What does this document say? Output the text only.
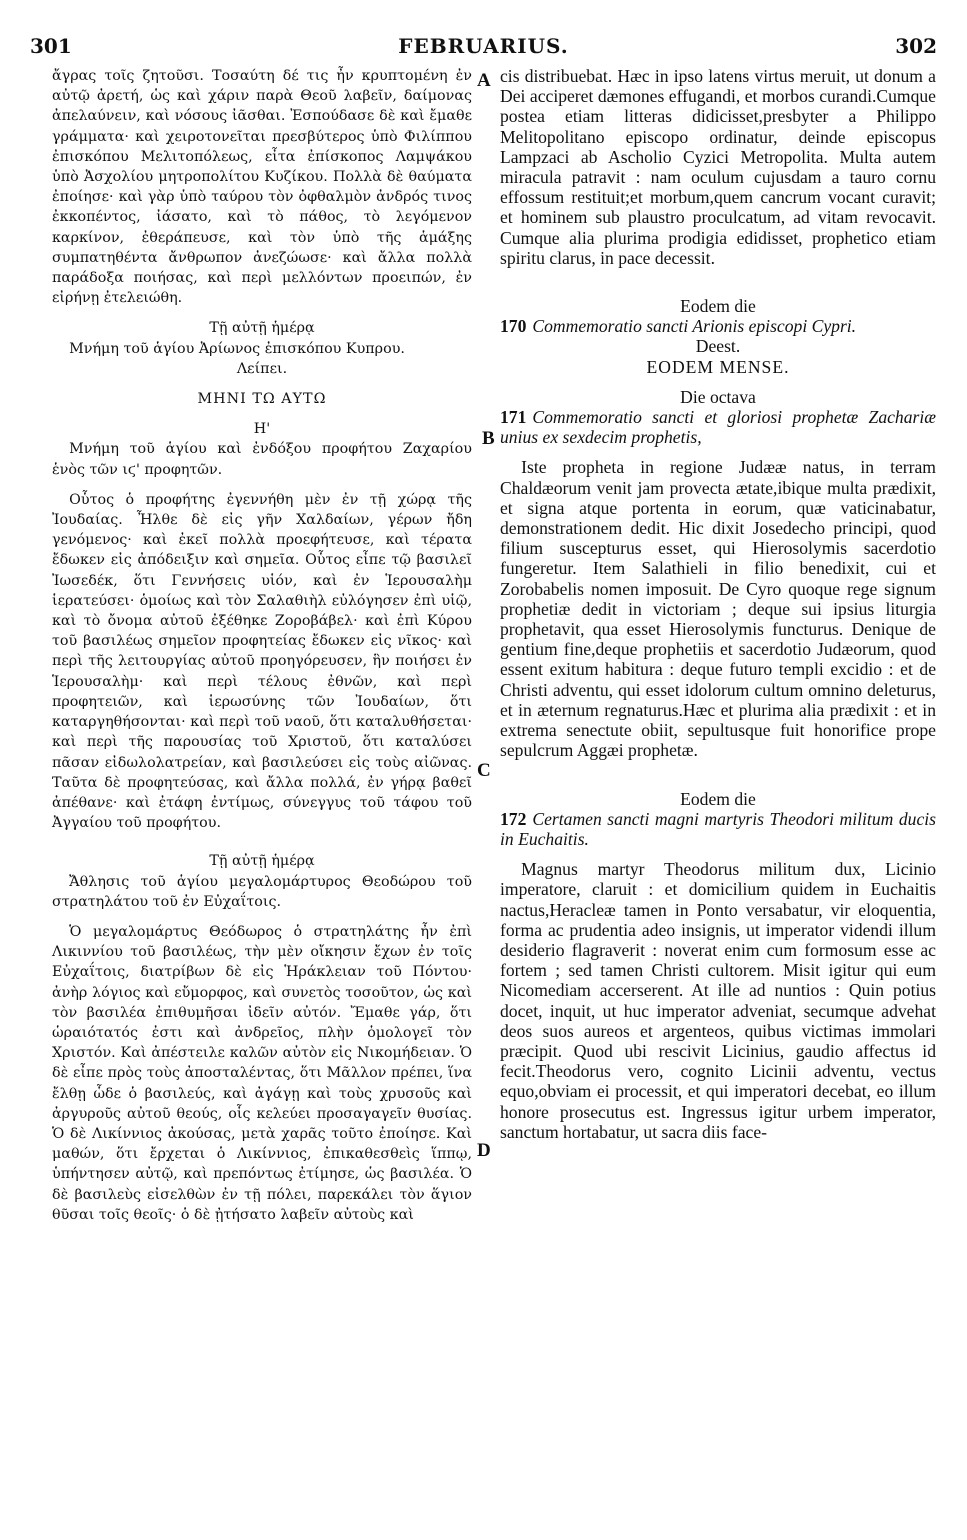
301	FEBRUARIUS.	302
A
B
C
D

ἄγρας τοῖς ζητοῦσι. Τοσαύτη δέ τις ἦν κρυπτομένη ἐν αὐτῷ ἀρετή, ὡς καὶ χάριν παρὰ Θεοῦ λαβεῖν, δαίμονας ἀπελαύνειν, καὶ νόσους ἰᾶσθαι. Ἐσπούδασε δὲ καὶ ἔμαθε γράμματα· καὶ χειροτονεῖται πρεσβύτερος ὑπὸ Φιλίππου ἐπισκόπου Μελιτοπόλεως, εἶτα ἐπίσκοπος Λαμψάκου ὑπὸ Ἀσχολίου μητροπολίτου Κυζίκου. Πολλὰ δὲ θαύματα ἐποίησε· καὶ γὰρ ὑπὸ ταύρου τὸν ὀφθαλμὸν ἀνδρός τινος ἐκκοπέντος, ἰάσατο, καὶ τὸ πάθος, τὸ λεγόμενον καρκίνον, ἐθεράπευσε, καὶ τὸν ὑπὸ τῆς ἁμάξης συμπατηθέντα ἄνθρωπον ἀνεζώωσε· καὶ ἄλλα πολλὰ παράδοξα ποιήσας, καὶ περὶ μελλόντων προειπών, ἐν εἰρήνῃ ἐτελειώθη.

Τῇ αὐτῇ ἡμέρᾳ

Μνήμη τοῦ ἁγίου Ἀρίωνος ἐπισκόπου Κυπρου.

Λείπει.

ΜΗΝΙ ΤΩ ΑΥΤΩ

Η'

Μνήμη τοῦ ἁγίου καὶ ἐνδόξου προφήτου Ζαχαρίου ἑνὸς τῶν ιϛ' προφητῶν.

Οὗτος ὁ προφήτης ἐγεννήθη μὲν ἐν τῇ χώρᾳ τῆς Ἰουδαίας. Ἦλθε δὲ εἰς γῆν Χαλδαίων, γέρων ἤδη γενόμενος· καὶ ἐκεῖ πολλὰ προεφήτευσε, καὶ τέρατα ἔδωκεν εἰς ἀπόδειξιν καὶ σημεῖα. Οὗτος εἶπε τῷ βασιλεῖ Ἰωσεδέκ, ὅτι Γεννήσεις υἱόν, καὶ ἐν Ἱερουσαλὴμ ἱερατεύσει· ὁμοίως καὶ τὸν Σαλαθιὴλ εὐλόγησεν ἐπὶ υἱῷ, καὶ τὸ ὄνομα αὐτοῦ ἐξέθηκε Ζοροβάβελ· καὶ ἐπὶ Κύρου τοῦ βασιλέως σημεῖον προφητείας ἔδωκεν εἰς νῖκος· καὶ περὶ τῆς λειτουργίας αὐτοῦ προηγόρευσεν, ἣν ποιήσει ἐν Ἱερουσαλὴμ· καὶ περὶ τέλους ἐθνῶν, καὶ περὶ προφητειῶν, καὶ ἱερωσύνης τῶν Ἰουδαίων, ὅτι καταργηθήσονται· καὶ περὶ τοῦ ναοῦ, ὅτι καταλυθήσεται· καὶ περὶ τῆς παρουσίας τοῦ Χριστοῦ, ὅτι καταλύσει πᾶσαν εἰδωλολατρείαν, καὶ βασιλεύσει εἰς τοὺς αἰῶνας. Ταῦτα δὲ προφητεύσας, καὶ ἄλλα πολλά, ἐν γήρᾳ βαθεῖ ἀπέθανε· καὶ ἐτάφη ἐντίμως, σύνεγγυς τοῦ τάφου τοῦ Ἀγγαίου τοῦ προφήτου.

Τῇ αὐτῇ ἡμέρᾳ

Ἄθλησις τοῦ ἁγίου μεγαλομάρτυρος Θεοδώρου τοῦ στρατηλάτου τοῦ ἐν Εὐχαΐτοις.

Ὁ μεγαλομάρτυς Θεόδωρος ὁ στρατηλάτης ἦν ἐπὶ Λικιννίου τοῦ βασιλέως, τὴν μὲν οἴκησιν ἔχων ἐν τοῖς Εὐχαΐτοις, διατρίβων δὲ εἰς Ἡράκλειαν τοῦ Πόντου· ἀνὴρ λόγιος καὶ εὔμορφος, καὶ συνετὸς τοσοῦτον, ὡς καὶ τὸν βασιλέα ἐπιθυμῆσαι ἰδεῖν αὐτόν. Ἔμαθε γάρ, ὅτι ὡραιότατός ἐστι καὶ ἀνδρεῖος, πλὴν ὁμολογεῖ τὸν Χριστόν. Καὶ ἀπέστειλε καλῶν αὐτὸν εἰς Νικομήδειαν. Ὁ δὲ εἶπε πρὸς τοὺς ἀποσταλέντας, ὅτι Μᾶλλον πρέπει, ἵνα ἔλθῃ ὧδε ὁ βασιλεύς, καὶ ἀγάγῃ καὶ τοὺς χρυσοῦς καὶ ἀργυροῦς αὐτοῦ θεούς, οἷς κελεύει προσαγαγεῖν θυσίας. Ὁ δὲ Λικίννιος ἀκούσας, μετὰ χαρᾶς τοῦτο ἐποίησε. Καὶ μαθών, ὅτι ἔρχεται ὁ Λικίννιος, ἐπικαθεσθεὶς ἵππῳ, ὑπήντησεν αὐτῷ, καὶ πρεπόντως ἐτίμησε, ὡς βασιλέα. Ὁ δὲ βασιλεὺς εἰσελθὼν ἐν τῇ πόλει, παρεκάλει τὸν ἅγιον θῦσαι τοῖς θεοῖς· ὁ δὲ ᾐτήσατο λαβεῖν αὐτοὺς καὶ

cis distribuebat. Hæc in ipso latens virtus meruit, ut donum a Dei acciperet dæmones effugandi, et morbos curandi.Cumque postea etiam litteras didicisset,presbyter a Philippo Melitopolitano episcopo ordinatur, deinde episcopus Lampzaci ab Ascholio Cyzici Metropolita. Multa autem miracula patravit : nam oculum cujusdam a tauro cornu effossum restituit;et morbum,quem cancrum vocant curavit; et hominem sub plaustro proculcatum, ad vitam revocavit. Cumque alia plurima prodigia edidisset, prophetico etiam spiritu clarus, in pace decessit.

Eodem die

170 Commemoratio sancti Arionis episcopi Cypri.

Deest.

EODEM MENSE.

Die octava

171 Commemoratio sancti et gloriosi prophetæ Zachariæ unius ex sexdecim prophetis,

Iste propheta in regione Judææ natus, in terram Chaldæorum venit jam provecta ætate,ibique multa prædixit, et signa atque portenta in eorum, quæ vaticinabatur, demonstrationem dedit. Hic dixit Josedecho principi, quod filium suscepturus esset, qui Hierosolymis sacerdotio fungeretur. Item Salathieli in filio benedixit, cui et Zorobabelis nomen imposuit. De Cyro quoque rege signum prophetiæ dedit in victoriam ; deque sui ipsius liturgia prophetavit, qua esset Hierosolymis functurus. Denique de gentium fine,deque prophetiis et sacerdotio Judæorum, quod essent exitum habitura : deque futuro templi excidio : et de Christi adventu, qui esset idolorum cultum omnino deleturus, et in æternum regnaturus.Hæc et plurima alia prædixit : et in extrema senectute obiit, sepultusque fuit honorifice prope sepulcrum Aggæi prophetæ.

Eodem die

172 Certamen sancti magni martyris Theodori militum ducis in Euchaitis.

Magnus martyr Theodorus militum dux, Licinio imperatore, claruit : et domicilium quidem in Euchaitis nactus,Heracleæ tamen in Ponto versabatur, vir eloquentia, forma ac prudentia adeo insignis, ut imperator videndi illum desiderio flagraverit : noverat enim cum formosum esse ac fortem ; sed tamen Christi cultorem. Misit igitur qui eum Nicomediam accerserent. At ille ad nuntios : Quin potius docet, inquit, ut huc imperator adveniat, secumque advehat deos suos aureos et argenteos, quibus victimas immolari præcipit. Quod ubi rescivit Licinius, gaudio affectus id fecit.Theodorus vero, cognito Licinii adventu, vectus equo,obviam ei processit, et qui imperatori decebat, eo illum honore prosecutus est. Ingressus igitur urbem imperator, sanctum hortabatur, ut sacra diis face-
